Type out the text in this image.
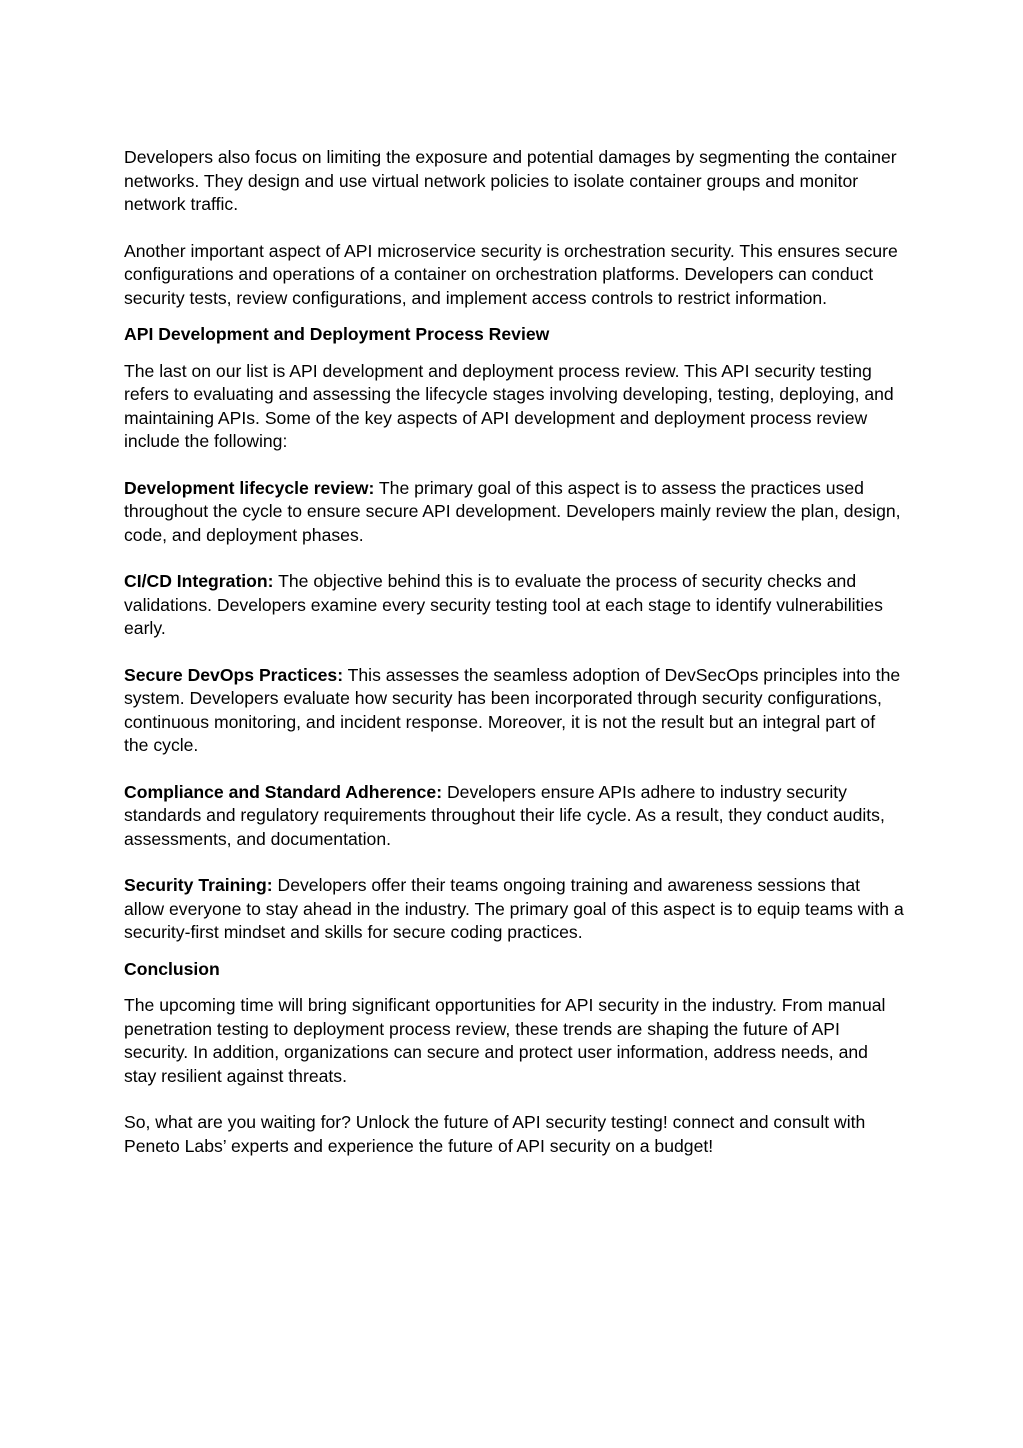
Developers also focus on limiting the exposure and potential damages by segmenting the container networks. They design and use virtual network policies to isolate container groups and monitor network traffic.

Another important aspect of API microservice security is orchestration security. This ensures secure configurations and operations of a container on orchestration platforms. Developers can conduct security tests, review configurations, and implement access controls to restrict information.

API Development and Deployment Process Review

The last on our list is API development and deployment process review. This API security testing refers to evaluating and assessing the lifecycle stages involving developing, testing, deploying, and maintaining APIs. Some of the key aspects of API development and deployment process review include the following:

Development lifecycle review: The primary goal of this aspect is to assess the practices used throughout the cycle to ensure secure API development. Developers mainly review the plan, design, code, and deployment phases.

CI/CD Integration: The objective behind this is to evaluate the process of security checks and validations. Developers examine every security testing tool at each stage to identify vulnerabilities early.

Secure DevOps Practices: This assesses the seamless adoption of DevSecOps principles into the system. Developers evaluate how security has been incorporated through security configurations, continuous monitoring, and incident response. Moreover, it is not the result but an integral part of the cycle.

Compliance and Standard Adherence: Developers ensure APIs adhere to industry security standards and regulatory requirements throughout their life cycle. As a result, they conduct audits, assessments, and documentation.

Security Training: Developers offer their teams ongoing training and awareness sessions that allow everyone to stay ahead in the industry. The primary goal of this aspect is to equip teams with a security-first mindset and skills for secure coding practices.

Conclusion

The upcoming time will bring significant opportunities for API security in the industry. From manual penetration testing to deployment process review, these trends are shaping the future of API security. In addition, organizations can secure and protect user information, address needs, and stay resilient against threats.

So, what are you waiting for? Unlock the future of API security testing! connect and consult with Peneto Labs’ experts and experience the future of API security on a budget!
